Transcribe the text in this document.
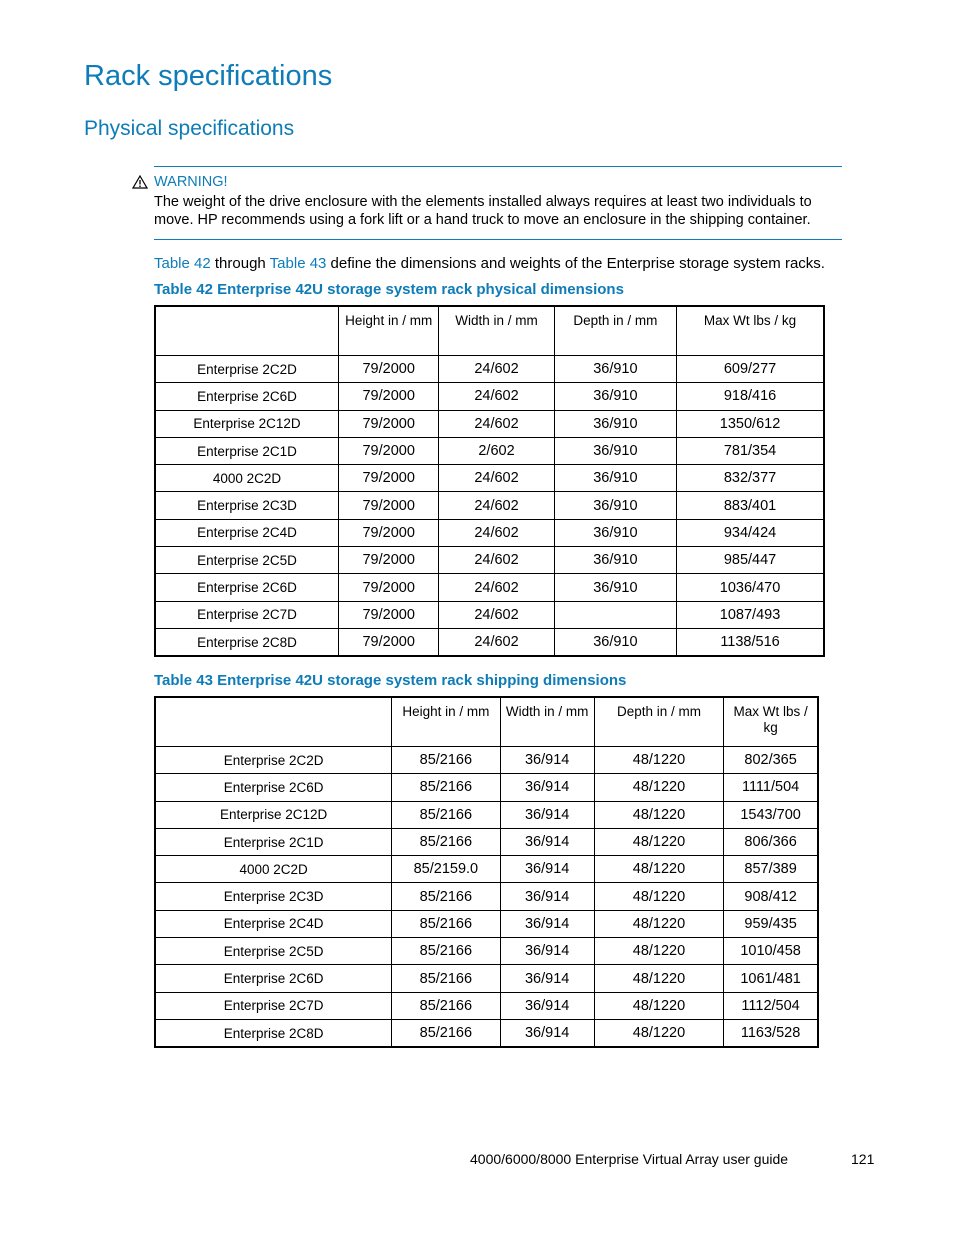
Rack specifications
Physical specifications
WARNING!

The weight of the drive enclosure with the elements installed always requires at least two individuals to move. HP recommends using a fork lift or a hand truck to move an enclosure in the shipping container.

Table 42 through Table 43 define the dimensions and weights of the Enterprise storage system racks.

Table 42 Enterprise 42U storage system rack physical dimensions

	Height in / mm	Width in / mm	Depth in / mm	Max Wt lbs / kg
Enterprise 2C2D	79/2000	24/602	36/910	609/277
Enterprise 2C6D	79/2000	24/602	36/910	918/416
Enterprise 2C12D	79/2000	24/602	36/910	1350/612
Enterprise 2C1D	79/2000	2/602	36/910	781/354
4000 2C2D	79/2000	24/602	36/910	832/377
Enterprise 2C3D	79/2000	24/602	36/910	883/401
Enterprise 2C4D	79/2000	24/602	36/910	934/424
Enterprise 2C5D	79/2000	24/602	36/910	985/447
Enterprise 2C6D	79/2000	24/602	36/910	1036/470
Enterprise 2C7D	79/2000	24/602		1087/493
Enterprise 2C8D	79/2000	24/602	36/910	1138/516

Table 43 Enterprise 42U storage system rack shipping dimensions

	Height in / mm	Width in / mm	Depth in / mm	Max Wt lbs / kg
Enterprise 2C2D	85/2166	36/914	48/1220	802/365
Enterprise 2C6D	85/2166	36/914	48/1220	1111/504
Enterprise 2C12D	85/2166	36/914	48/1220	1543/700
Enterprise 2C1D	85/2166	36/914	48/1220	806/366
4000 2C2D	85/2159.0	36/914	48/1220	857/389
Enterprise 2C3D	85/2166	36/914	48/1220	908/412
Enterprise 2C4D	85/2166	36/914	48/1220	959/435
Enterprise 2C5D	85/2166	36/914	48/1220	1010/458
Enterprise 2C6D	85/2166	36/914	48/1220	1061/481
Enterprise 2C7D	85/2166	36/914	48/1220	1112/504
Enterprise 2C8D	85/2166	36/914	48/1220	1163/528

4000/6000/8000 Enterprise Virtual Array user guide	121
